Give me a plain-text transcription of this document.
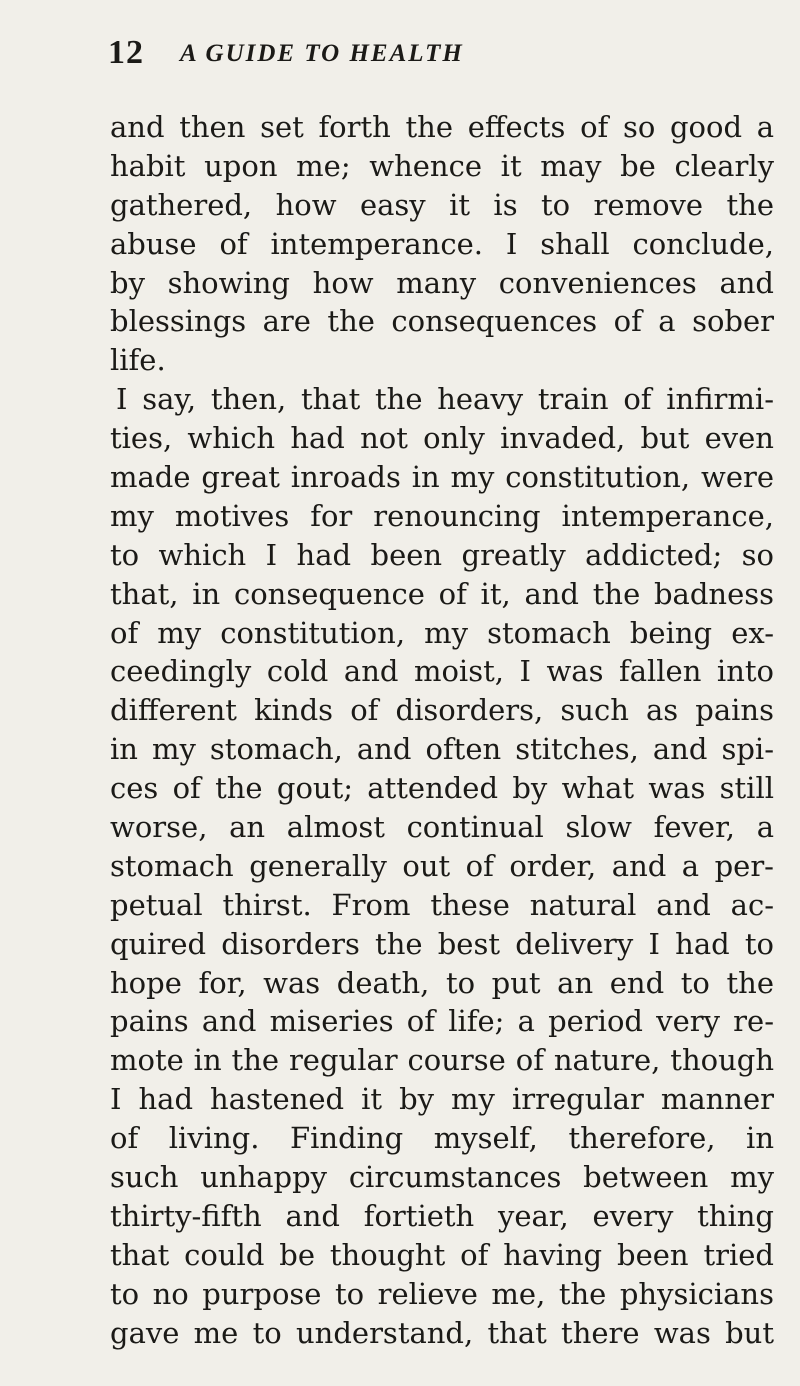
12 A GUIDE TO HEALTH
and then set forth the effects of so good a
habit upon me; whence it may be clearly
gathered, how easy it is to remove the
abuse of intemperance. I shall conclude,
by showing how many conveniences and
blessings are the consequences of a sober
life.
I say, then, that the heavy train of infirmi-
ties, which had not only invaded, but even
made great inroads in my constitution, were
my motives for renouncing intemperance,
to which I had been greatly addicted; so
that, in consequence of it, and the badness
of my constitution, my stomach being ex-
ceedingly cold and moist, I was fallen into
different kinds of disorders, such as pains
in my stomach, and often stitches, and spi-
ces of the gout; attended by what was still
worse, an almost continual slow fever, a
stomach generally out of order, and a per-
petual thirst. From these natural and ac-
quired disorders the best delivery I had to
hope for, was death, to put an end to the
pains and miseries of life; a period very re-
mote in the regular course of nature, though
I had hastened it by my irregular manner
of living. Finding myself, therefore, in
such unhappy circumstances between my
thirty-fifth and fortieth year, every thing
that could be thought of having been tried
to no purpose to relieve me, the physicians
gave me to understand, that there was but
